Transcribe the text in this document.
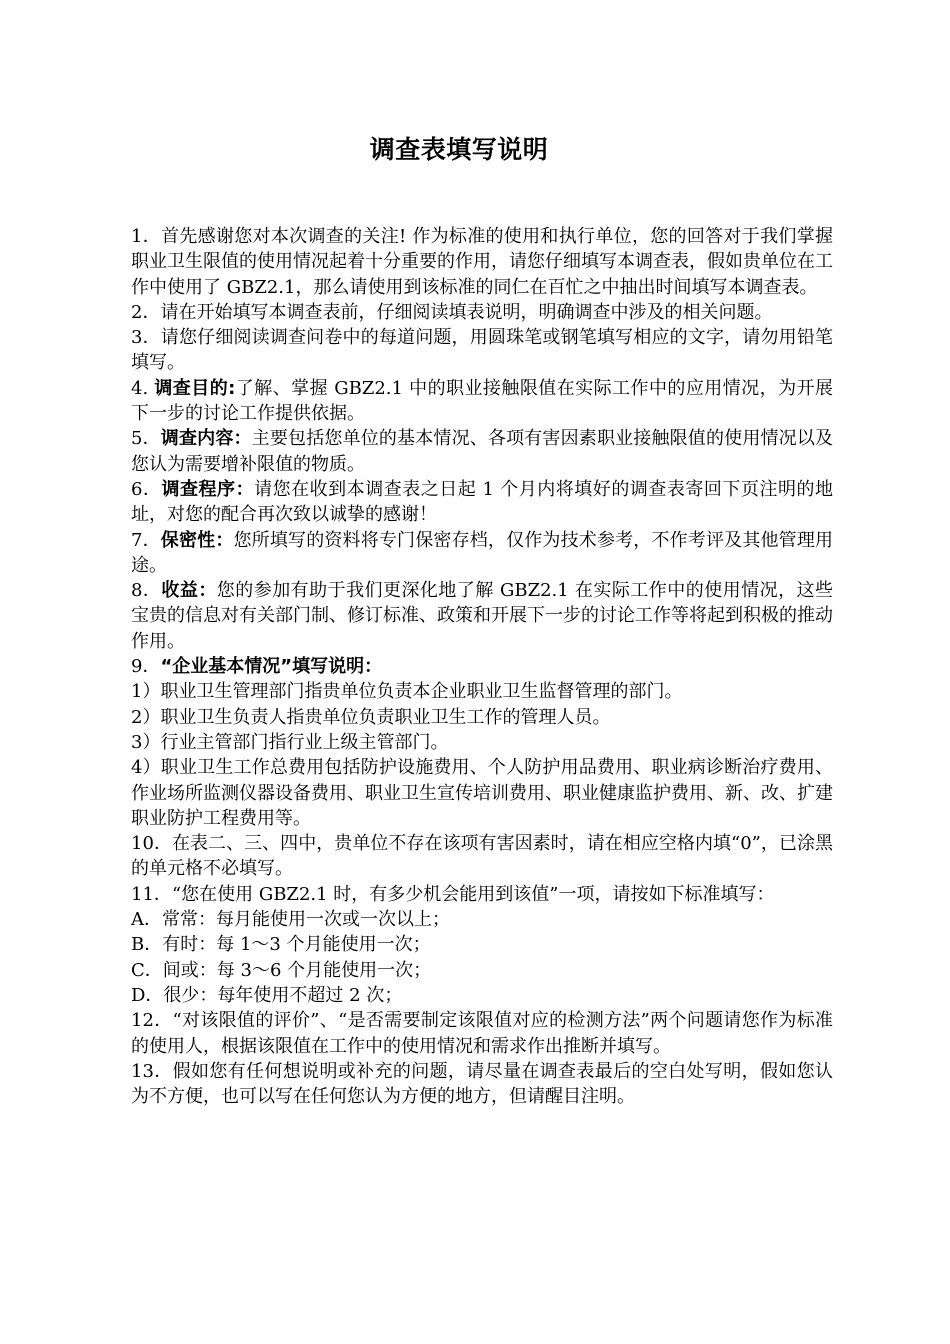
调查表填写说明

1．首先感谢您对本次调查的关注! 作为标准的使用和执行单位，您的回答对于我们掌握职业卫生限值的使用情况起着十分重要的作用，请您仔细填写本调查表，假如贵单位在工作中使用了 GBZ2.1，那么请使用到该标准的同仁在百忙之中抽出时间填写本调查表。

2．请在开始填写本调查表前，仔细阅读填表说明，明确调查中涉及的相关问题。

3．请您仔细阅读调查问卷中的每道问题，用圆珠笔或钢笔填写相应的文字，请勿用铅笔填写。

4. 调查目的:了解、掌握 GBZ2.1 中的职业接触限值在实际工作中的应用情况，为开展下一步的讨论工作提供依据。

5．调查内容：主要包括您单位的基本情况、各项有害因素职业接触限值的使用情况以及您认为需要增补限值的物质。

6．调查程序：请您在收到本调查表之日起 1 个月内将填好的调查表寄回下页注明的地址，对您的配合再次致以诚挚的感谢！

7．保密性：您所填写的资料将专门保密存档，仅作为技术参考，不作考评及其他管理用途。

8．收益：您的参加有助于我们更深化地了解 GBZ2.1 在实际工作中的使用情况，这些宝贵的信息对有关部门制、修订标准、政策和开展下一步的讨论工作等将起到积极的推动作用。

9．“企业基本情况”填写说明：

1）职业卫生管理部门指贵单位负责本企业职业卫生监督管理的部门。

2）职业卫生负责人指贵单位负责职业卫生工作的管理人员。

3）行业主管部门指行业上级主管部门。

4）职业卫生工作总费用包括防护设施费用、个人防护用品费用、职业病诊断治疗费用、作业场所监测仪器设备费用、职业卫生宣传培训费用、职业健康监护费用、新、改、扩建职业防护工程费用等。

10．在表二、三、四中，贵单位不存在该项有害因素时，请在相应空格内填“0”，已涂黑的单元格不必填写。

11．“您在使用 GBZ2.1 时，有多少机会能用到该值”一项，请按如下标准填写：

A．常常：每月能使用一次或一次以上；

B．有时：每 1～3 个月能使用一次；

C．间或：每 3～6 个月能使用一次；

D．很少：每年使用不超过 2 次；

12．“对该限值的评价”、“是否需要制定该限值对应的检测方法”两个问题请您作为标准的使用人，根据该限值在工作中的使用情况和需求作出推断并填写。

13．假如您有任何想说明或补充的问题，请尽量在调查表最后的空白处写明，假如您认为不方便，也可以写在任何您认为方便的地方，但请醒目注明。
